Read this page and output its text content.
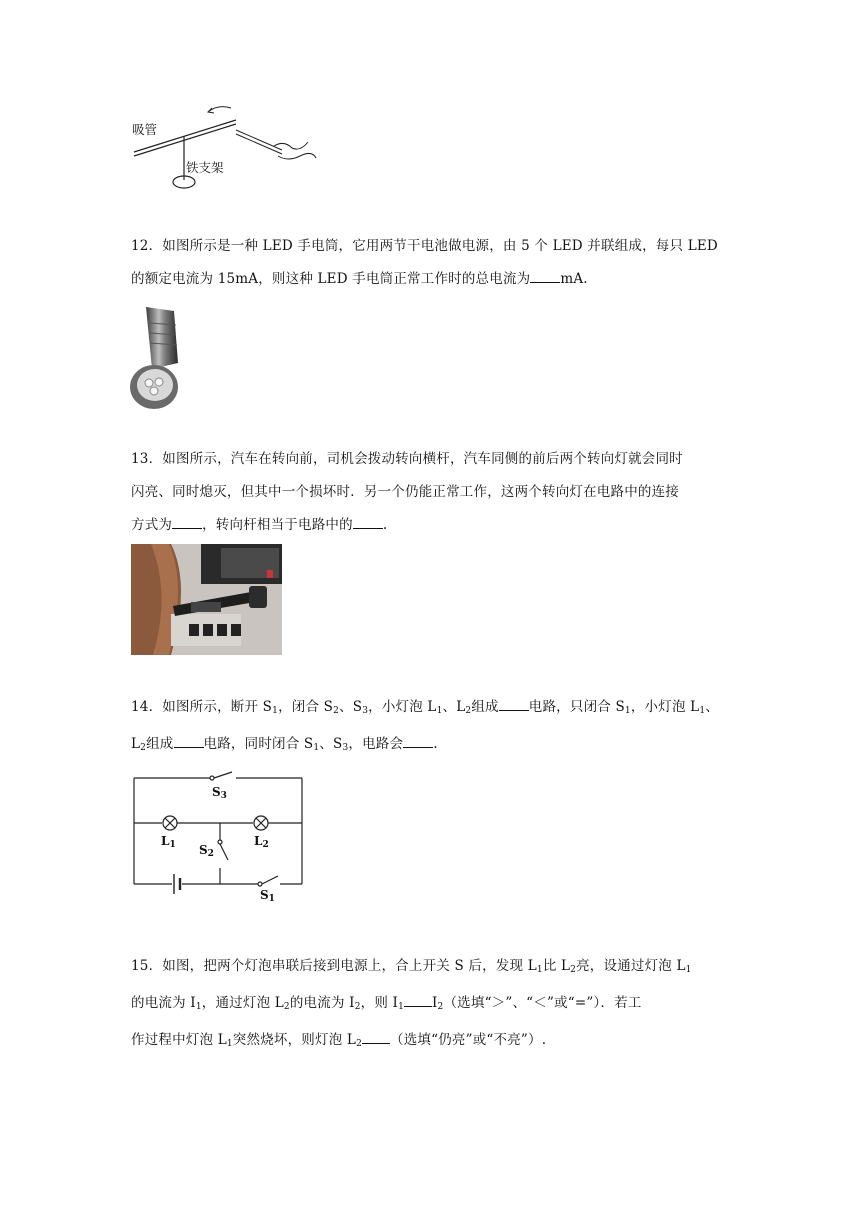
吸管
铁支架

12．如图所示是一种 LED 手电筒，它用两节干电池做电源，由 5 个 LED 并联组成，每只 LED

的额定电流为 15mA，则这种 LED 手电筒正常工作时的总电流为 mA.

13．如图所示，汽车在转向前，司机会拨动转向横杆，汽车同侧的前后两个转向灯就会同时

闪亮、同时熄灭，但其中一个损坏时．另一个仍能正常工作，这两个转向灯在电路中的连接

方式为 ，转向杆相当于电路中的 .

14．如图所示，断开 $S_1$，闭合 $S_2$、$S_3$，小灯泡 $L_1$、$L_2$组成 电路，只闭合 $S_1$，小灯泡 $L_1$、

$L_2$组成 电路，同时闭合 $S_1$、$S_3$，电路会 .

$S_3$
$L_1$ $S_2$
$L_2$
$S_1$

15．如图，把两个灯泡串联后接到电源上，合上开关 S 后，发现 $L_1$比 $L_2$亮，设通过灯泡 $L_1$

的电流为 $I_1$，通过灯泡 $L_2$的电流为 $I_2$，则 $I_1$ $I_2$（选填“＞”、“＜”或“=”）．若工

作过程中灯泡 $L_1$突然烧坏，则灯泡 $L_2$ （选填“仍亮”或“不亮”）.
